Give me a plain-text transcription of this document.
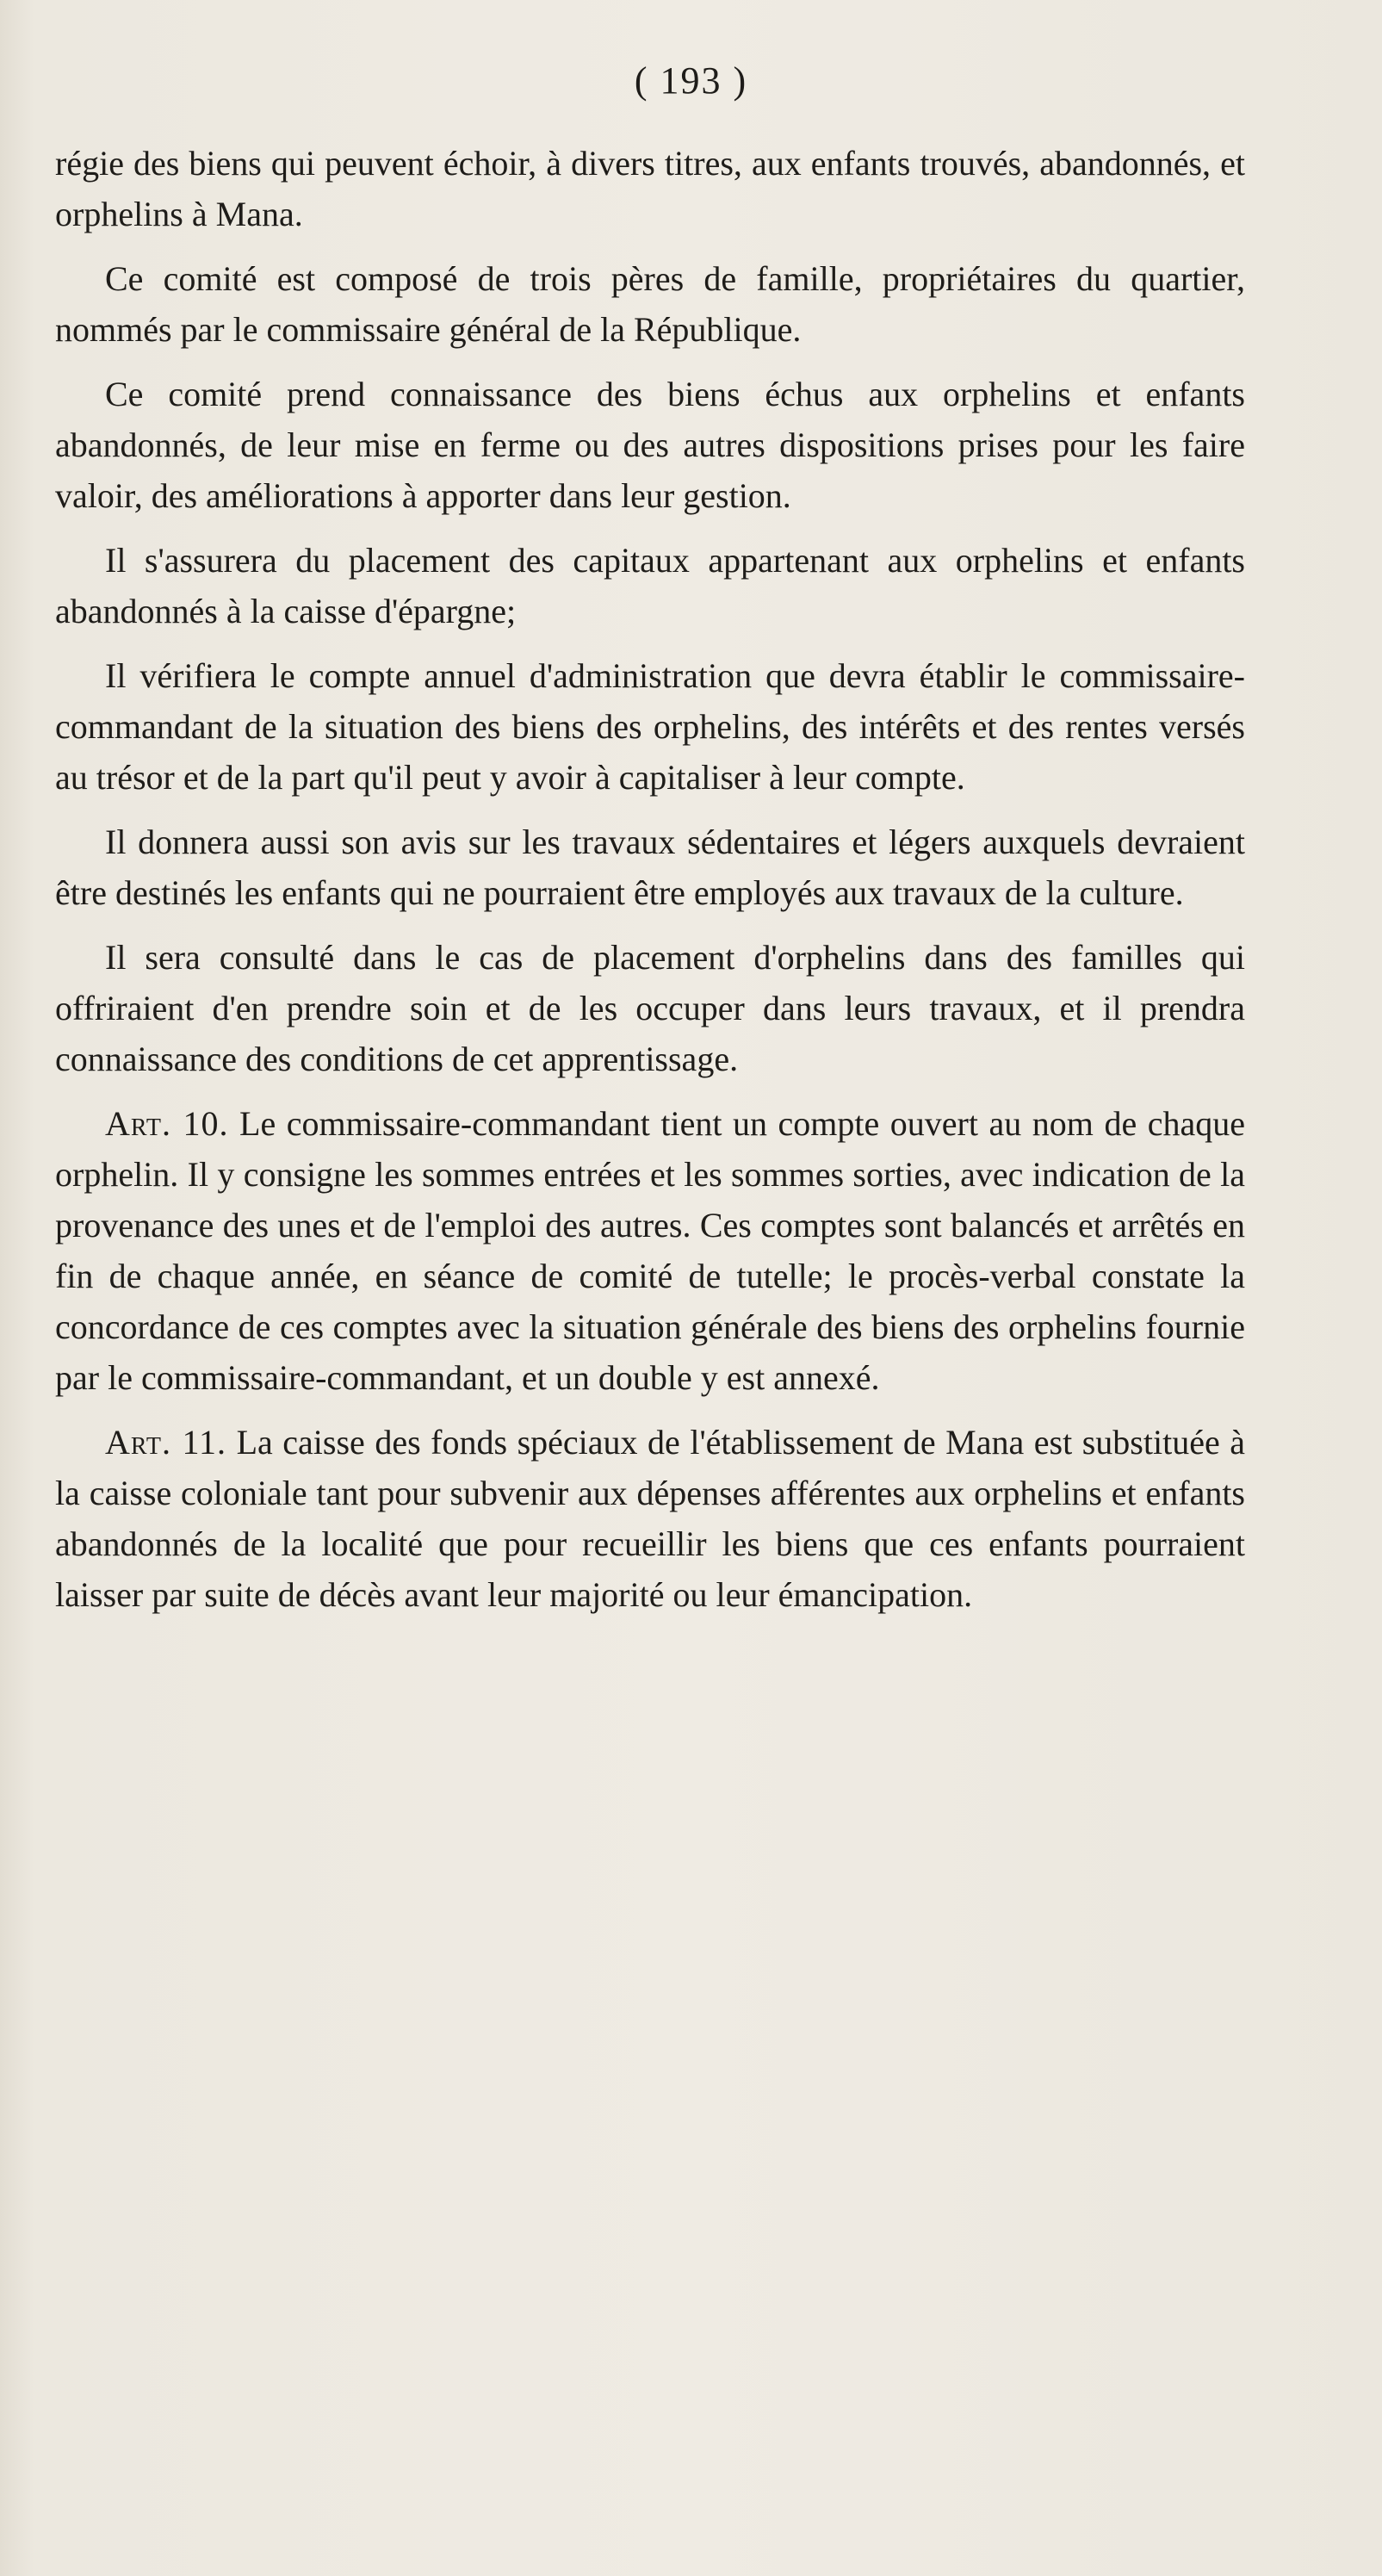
( 193 )

régie des biens qui peuvent échoir, à divers titres, aux enfants trouvés, abandonnés, et orphelins à Mana.

Ce comité est composé de trois pères de famille, propriétaires du quartier, nommés par le commissaire général de la République.

Ce comité prend connaissance des biens échus aux orphelins et enfants abandonnés, de leur mise en ferme ou des autres dispositions prises pour les faire valoir, des améliorations à apporter dans leur gestion.

Il s'assurera du placement des capitaux appartenant aux orphelins et enfants abandonnés à la caisse d'épargne;

Il vérifiera le compte annuel d'administration que devra établir le commissaire-commandant de la situation des biens des orphelins, des intérêts et des rentes versés au trésor et de la part qu'il peut y avoir à capitaliser à leur compte.

Il donnera aussi son avis sur les travaux sédentaires et légers auxquels devraient être destinés les enfants qui ne pourraient être employés aux travaux de la culture.

Il sera consulté dans le cas de placement d'orphelins dans des familles qui offriraient d'en prendre soin et de les occuper dans leurs travaux, et il prendra connaissance des conditions de cet apprentissage.

Art. 10. Le commissaire-commandant tient un compte ouvert au nom de chaque orphelin. Il y consigne les sommes entrées et les sommes sorties, avec indication de la provenance des unes et de l'emploi des autres. Ces comptes sont balancés et arrêtés en fin de chaque année, en séance de comité de tutelle; le procès-verbal constate la concordance de ces comptes avec la situation générale des biens des orphelins fournie par le commissaire-commandant, et un double y est annexé.

Art. 11. La caisse des fonds spéciaux de l'établissement de Mana est substituée à la caisse coloniale tant pour subvenir aux dépenses afférentes aux orphelins et enfants abandonnés de la localité que pour recueillir les biens que ces enfants pourraient laisser par suite de décès avant leur majorité ou leur émancipation.
